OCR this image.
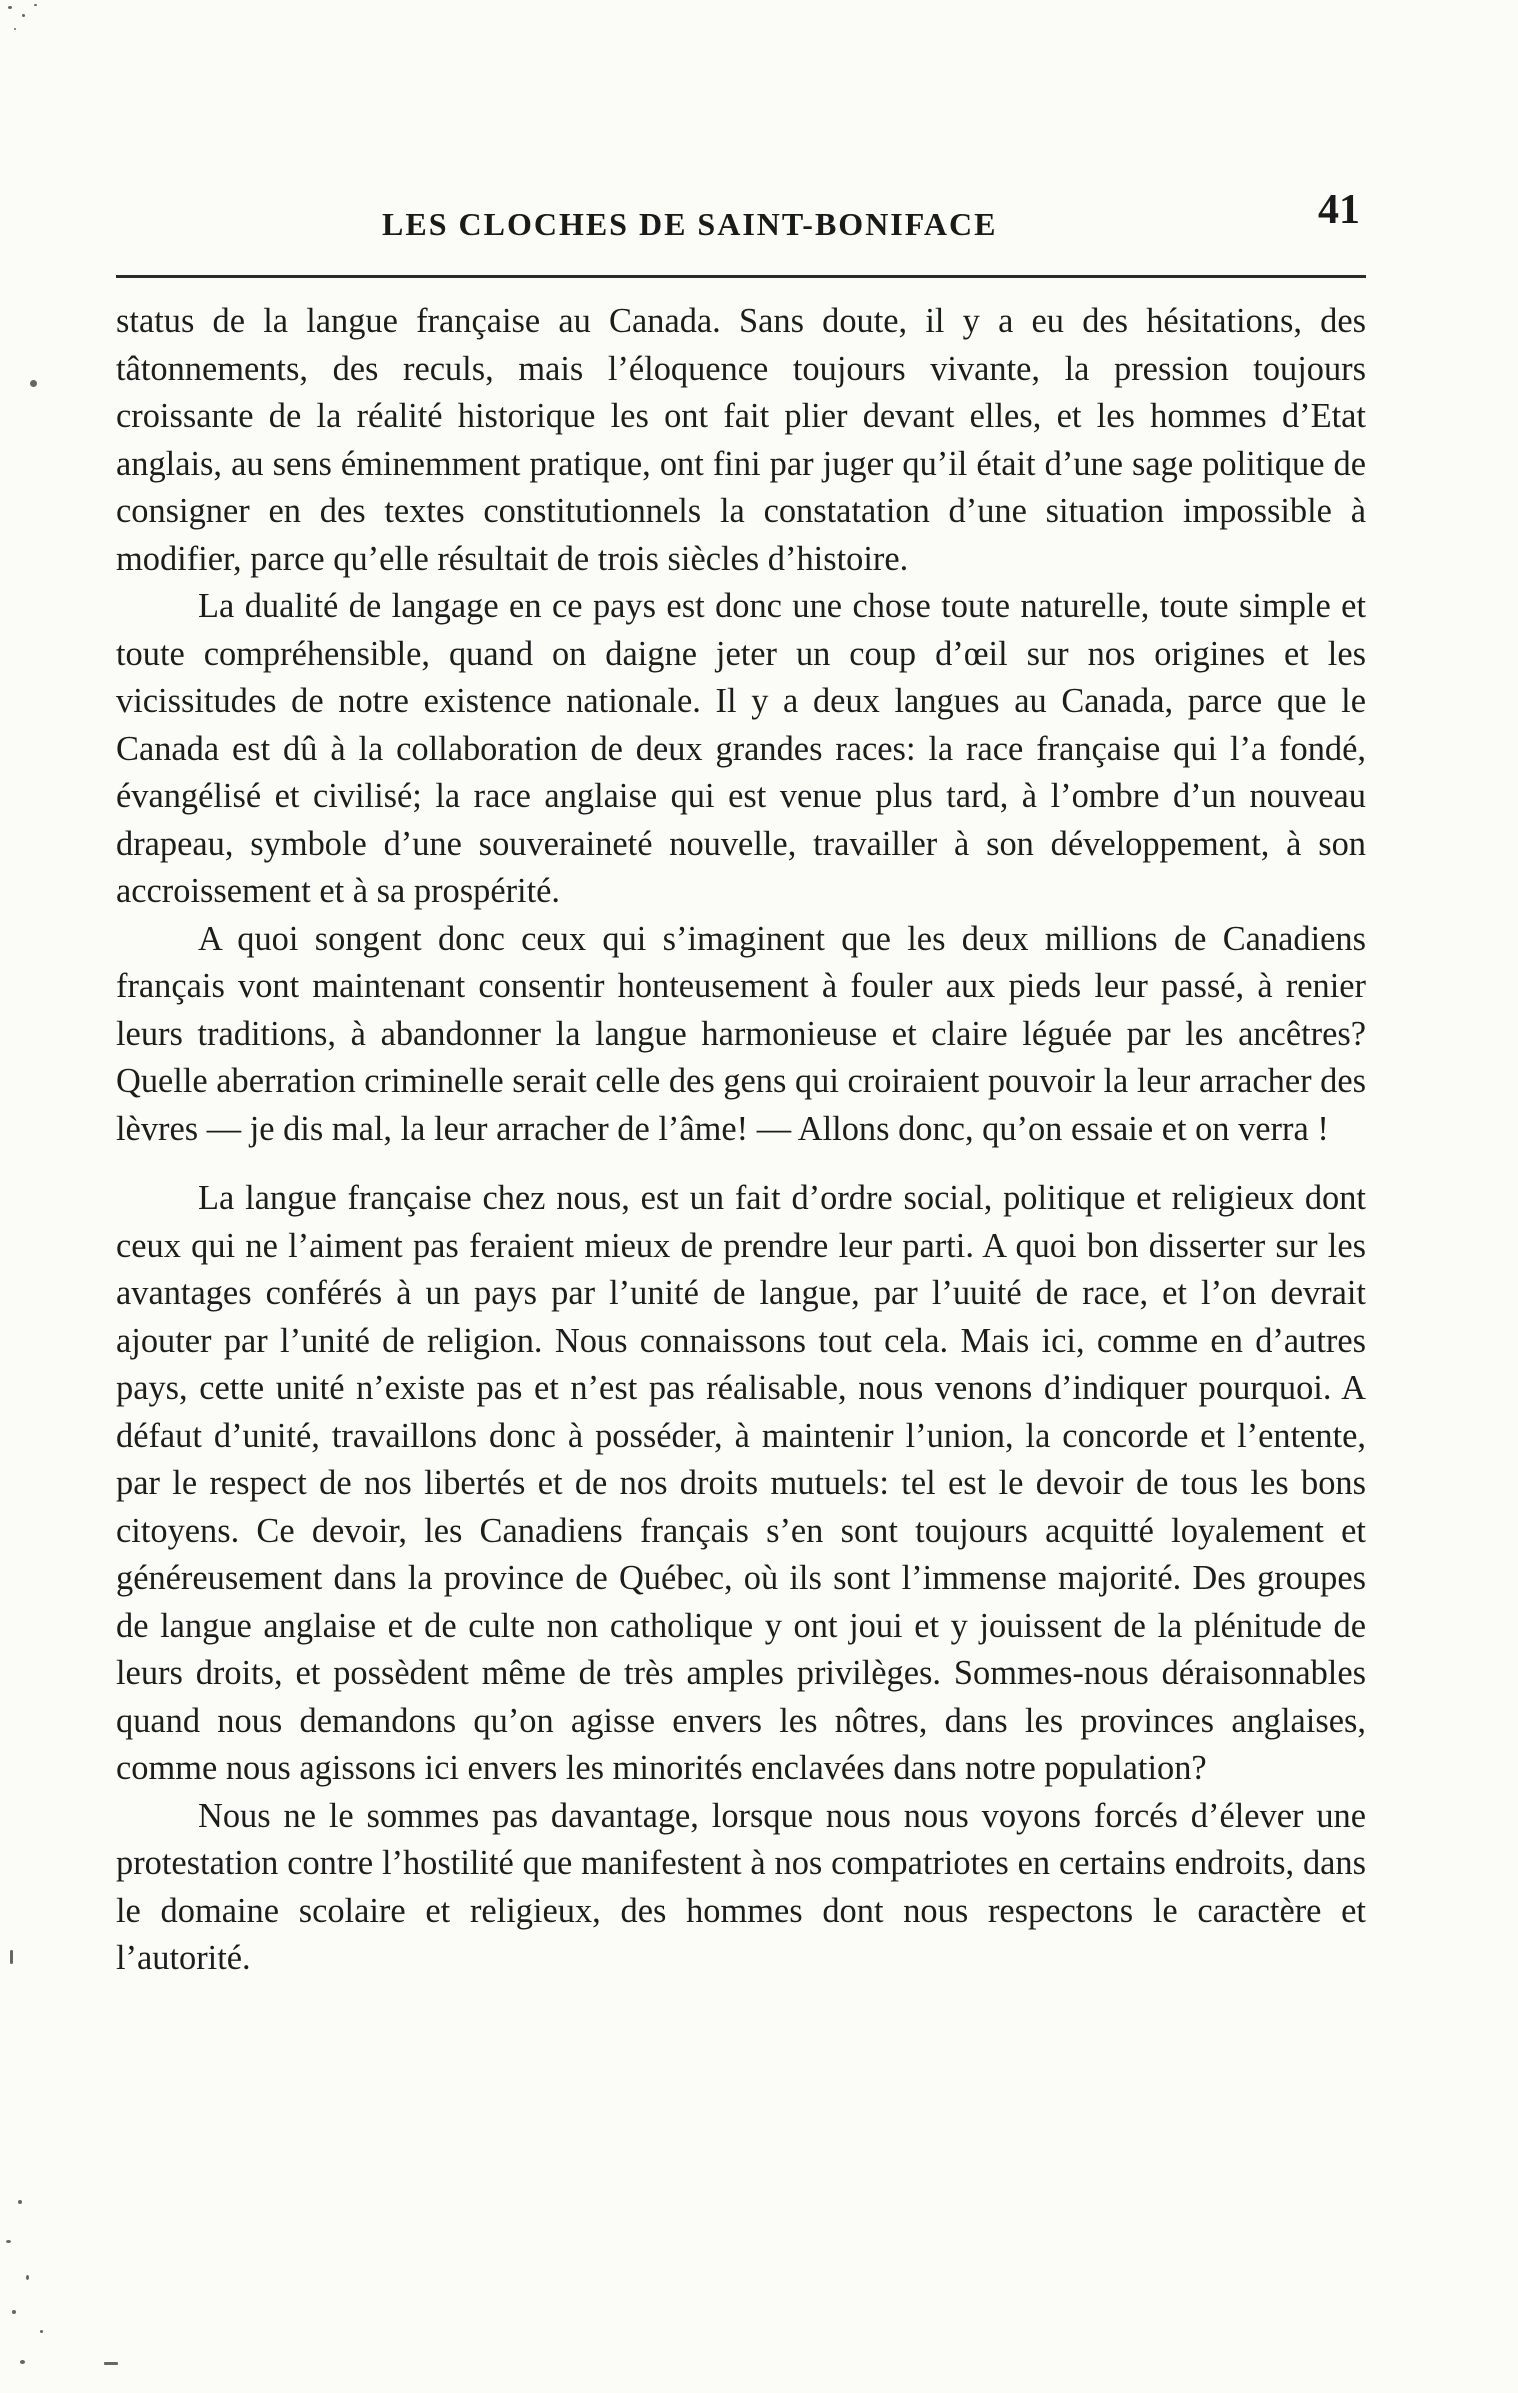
LES CLOCHES DE SAINT-BONIFACE	41

status de la langue française au Canada. Sans doute, il y a eu des hésitations, des tâtonnements, des reculs, mais l’éloquence toujours vivante, la pression toujours croissante de la réalité historique les ont fait plier devant elles, et les hommes d’Etat anglais, au sens éminemment pratique, ont fini par juger qu’il était d’une sage politique de consigner en des textes constitutionnels la constatation d’une situation impossible à modifier, parce qu’elle résultait de trois siècles d’histoire.

La dualité de langage en ce pays est donc une chose toute naturelle, toute simple et toute compréhensible, quand on daigne jeter un coup d’œil sur nos origines et les vicissitudes de notre existence nationale. Il y a deux langues au Canada, parce que le Canada est dû à la collaboration de deux grandes races: la race française qui l’a fondé, évangélisé et civilisé; la race anglaise qui est venue plus tard, à l’ombre d’un nouveau drapeau, symbole d’une souveraineté nouvelle, travailler à son développement, à son accroissement et à sa prospérité.

A quoi songent donc ceux qui s’imaginent que les deux millions de Canadiens français vont maintenant consentir honteusement à fouler aux pieds leur passé, à renier leurs traditions, à abandonner la langue harmonieuse et claire léguée par les ancêtres? Quelle aberration criminelle serait celle des gens qui croiraient pouvoir la leur arracher des lèvres — je dis mal, la leur arracher de l’âme! — Allons donc, qu’on essaie et on verra !

La langue française chez nous, est un fait d’ordre social, politique et religieux dont ceux qui ne l’aiment pas feraient mieux de prendre leur parti. A quoi bon disserter sur les avantages conférés à un pays par l’unité de langue, par l’uuité de race, et l’on devrait ajouter par l’unité de religion. Nous connaissons tout cela. Mais ici, comme en d’autres pays, cette unité n’existe pas et n’est pas réalisable, nous venons d’indiquer pourquoi. A défaut d’unité, travaillons donc à posséder, à maintenir l’union, la concorde et l’entente, par le respect de nos libertés et de nos droits mutuels: tel est le devoir de tous les bons citoyens. Ce devoir, les Canadiens français s’en sont toujours acquitté loyalement et généreusement dans la province de Québec, où ils sont l’immense majorité. Des groupes de langue anglaise et de culte non catholique y ont joui et y jouissent de la plénitude de leurs droits, et possèdent même de très amples privilèges. Sommes-nous déraisonnables quand nous demandons qu’on agisse envers les nôtres, dans les provinces anglaises, comme nous agissons ici envers les minorités enclavées dans notre population?

Nous ne le sommes pas davantage, lorsque nous nous voyons forcés d’élever une protestation contre l’hostilité que manifestent à nos compatriotes en certains endroits, dans le domaine scolaire et religieux, des hommes dont nous respectons le caractère et l’autorité.
